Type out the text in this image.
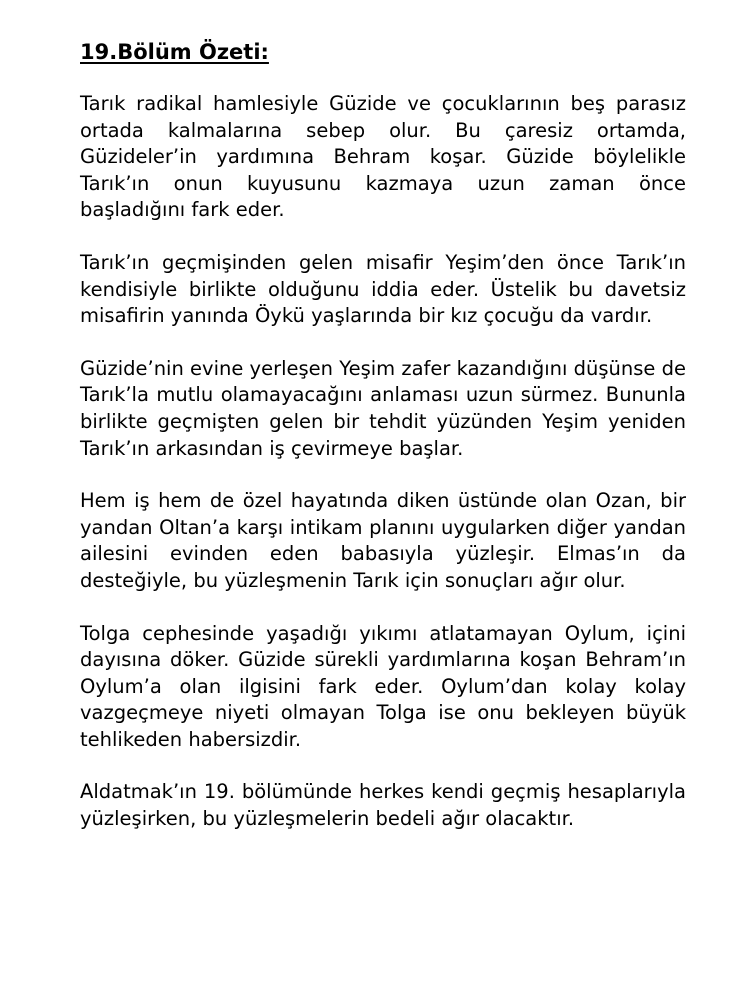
19.Bölüm Özeti:

Tarık radikal hamlesiyle Güzide ve çocuklarının beş parasız ortada kalmalarına sebep olur. Bu çaresiz ortamda, Güzideler’in yardımına Behram koşar. Güzide böylelikle Tarık’ın onun kuyusunu kazmaya uzun zaman önce başladığını fark eder.

Tarık’ın geçmişinden gelen misafir Yeşim’den önce Tarık’ın kendisiyle birlikte olduğunu iddia eder. Üstelik bu davetsiz misafirin yanında Öykü yaşlarında bir kız çocuğu da vardır.

Güzide’nin evine yerleşen Yeşim zafer kazandığını düşünse de Tarık’la mutlu olamayacağını anlaması uzun sürmez. Bununla birlikte geçmişten gelen bir tehdit yüzünden Yeşim yeniden Tarık’ın arkasından iş çevirmeye başlar.

Hem iş hem de özel hayatında diken üstünde olan Ozan, bir yandan Oltan’a karşı intikam planını uygularken diğer yandan ailesini evinden eden babasıyla yüzleşir. Elmas’ın da desteğiyle, bu yüzleşmenin Tarık için sonuçları ağır olur.

Tolga cephesinde yaşadığı yıkımı atlatamayan Oylum, içini dayısına döker. Güzide sürekli yardımlarına koşan Behram’ın Oylum’a olan ilgisini fark eder. Oylum’dan kolay kolay vazgeçmeye niyeti olmayan Tolga ise onu bekleyen büyük tehlikeden habersizdir.

Aldatmak’ın 19. bölümünde herkes kendi geçmiş hesaplarıyla yüzleşirken, bu yüzleşmelerin bedeli ağır olacaktır.
